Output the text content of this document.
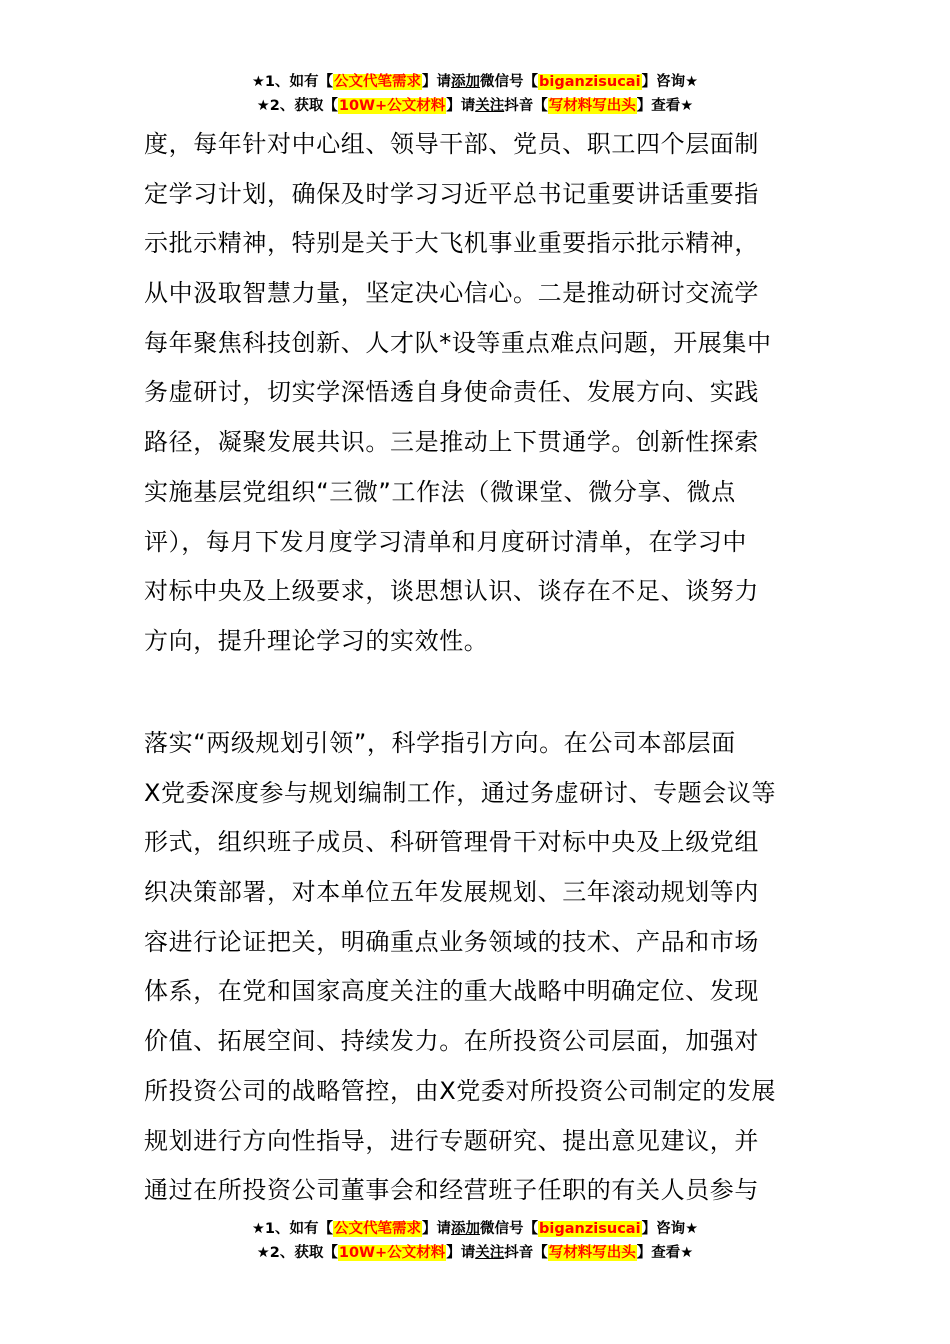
★1、如有【公文代笔需求】请添加微信号【biganzisucai】咨询★
★2、获取【10W+公文材料】请关注抖音【写材料写出头】查看★
度，每年针对中心组、领导干部、党员、职工四个层面制
定学习计划，确保及时学习习近平总书记重要讲话重要指
示批示精神，特别是关于大飞机事业重要指示批示精神，
从中汲取智慧力量，坚定决心信心。二是推动研讨交流学
每年聚焦科技创新、人才队*设等重点难点问题，开展集中
务虚研讨，切实学深悟透自身使命责任、发展方向、实践
路径，凝聚发展共识。三是推动上下贯通学。创新性探索
实施基层党组织“三微”工作法（微课堂、微分享、微点
评），每月下发月度学习清单和月度研讨清单，在学习中
对标中央及上级要求，谈思想认识、谈存在不足、谈努力
方向，提升理论学习的实效性。
落实“两级规划引领”，科学指引方向。在公司本部层面
X党委深度参与规划编制工作，通过务虚研讨、专题会议等
形式，组织班子成员、科研管理骨干对标中央及上级党组
织决策部署，对本单位五年发展规划、三年滚动规划等内
容进行论证把关，明确重点业务领域的技术、产品和市场
体系，在党和国家高度关注的重大战略中明确定位、发现
价值、拓展空间、持续发力。在所投资公司层面，加强对
所投资公司的战略管控，由X党委对所投资公司制定的发展
规划进行方向性指导，进行专题研究、提出意见建议，并
通过在所投资公司董事会和经营班子任职的有关人员参与
★1、如有【公文代笔需求】请添加微信号【biganzisucai】咨询★
★2、获取【10W+公文材料】请关注抖音【写材料写出头】查看★
